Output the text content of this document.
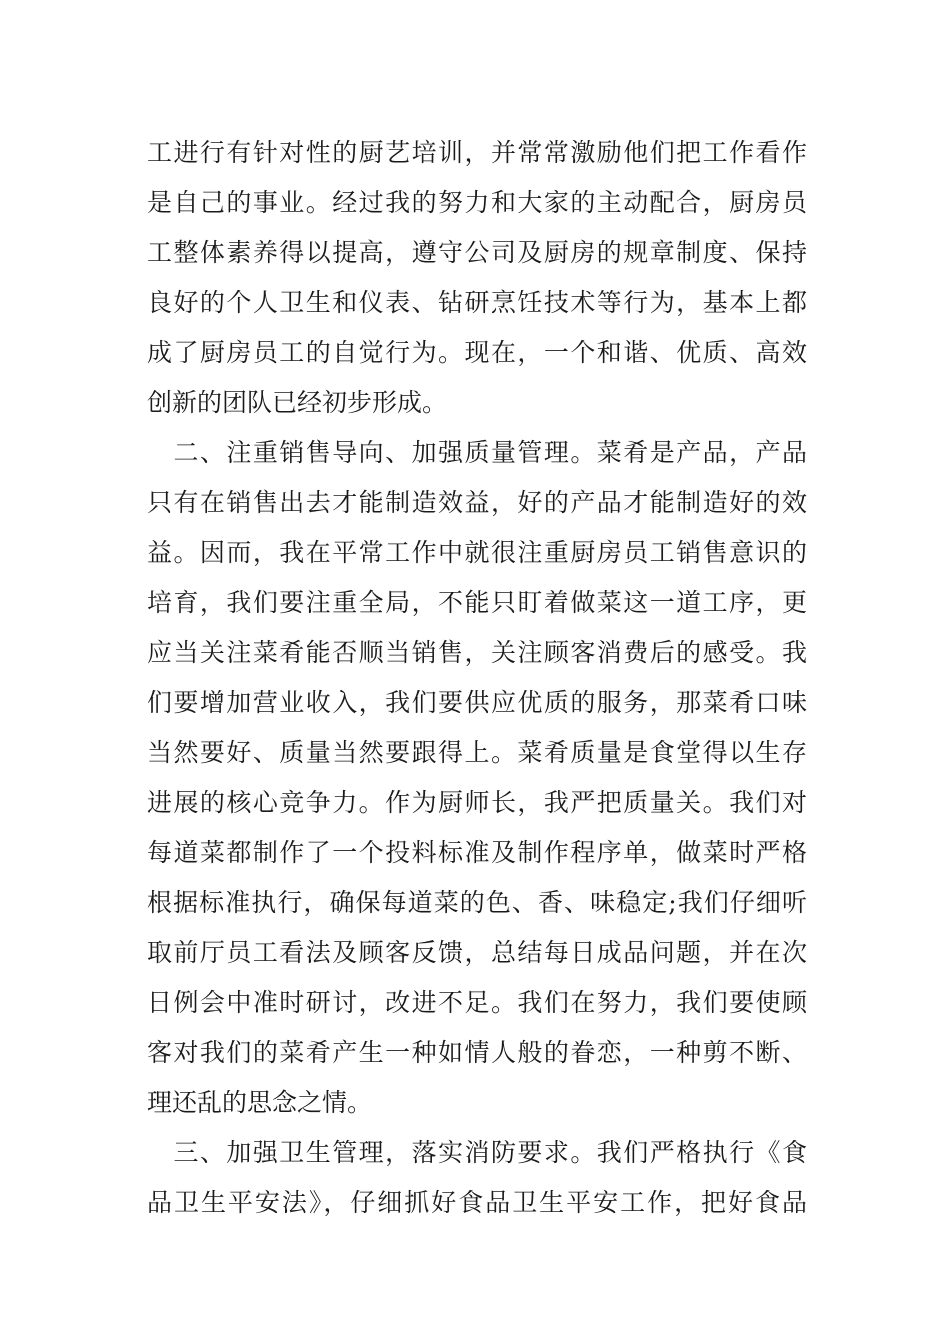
工进行有针对性的厨艺培训，并常常激励他们把工作看作
是自己的事业。经过我的努力和大家的主动配合，厨房员
工整体素养得以提高，遵守公司及厨房的规章制度、保持
良好的个人卫生和仪表、钻研烹饪技术等行为，基本上都
成了厨房员工的自觉行为。现在，一个和谐、优质、高效
创新的团队已经初步形成。
　二、注重销售导向、加强质量管理。菜肴是产品，产品
只有在销售出去才能制造效益，好的产品才能制造好的效
益。因而，我在平常工作中就很注重厨房员工销售意识的
培育，我们要注重全局，不能只盯着做菜这一道工序，更
应当关注菜肴能否顺当销售，关注顾客消费后的感受。我
们要增加营业收入，我们要供应优质的服务，那菜肴口味
当然要好、质量当然要跟得上。菜肴质量是食堂得以生存
进展的核心竞争力。作为厨师长，我严把质量关。我们对
每道菜都制作了一个投料标准及制作程序单，做菜时严格
根据标准执行，确保每道菜的色、香、味稳定;我们仔细听
取前厅员工看法及顾客反馈，总结每日成品问题，并在次
日例会中准时研讨，改进不足。我们在努力，我们要使顾
客对我们的菜肴产生一种如情人般的眷恋，一种剪不断、
理还乱的思念之情。
　三、加强卫生管理，落实消防要求。我们严格执行《食
品卫生平安法》，仔细抓好食品卫生平安工作，把好食品
